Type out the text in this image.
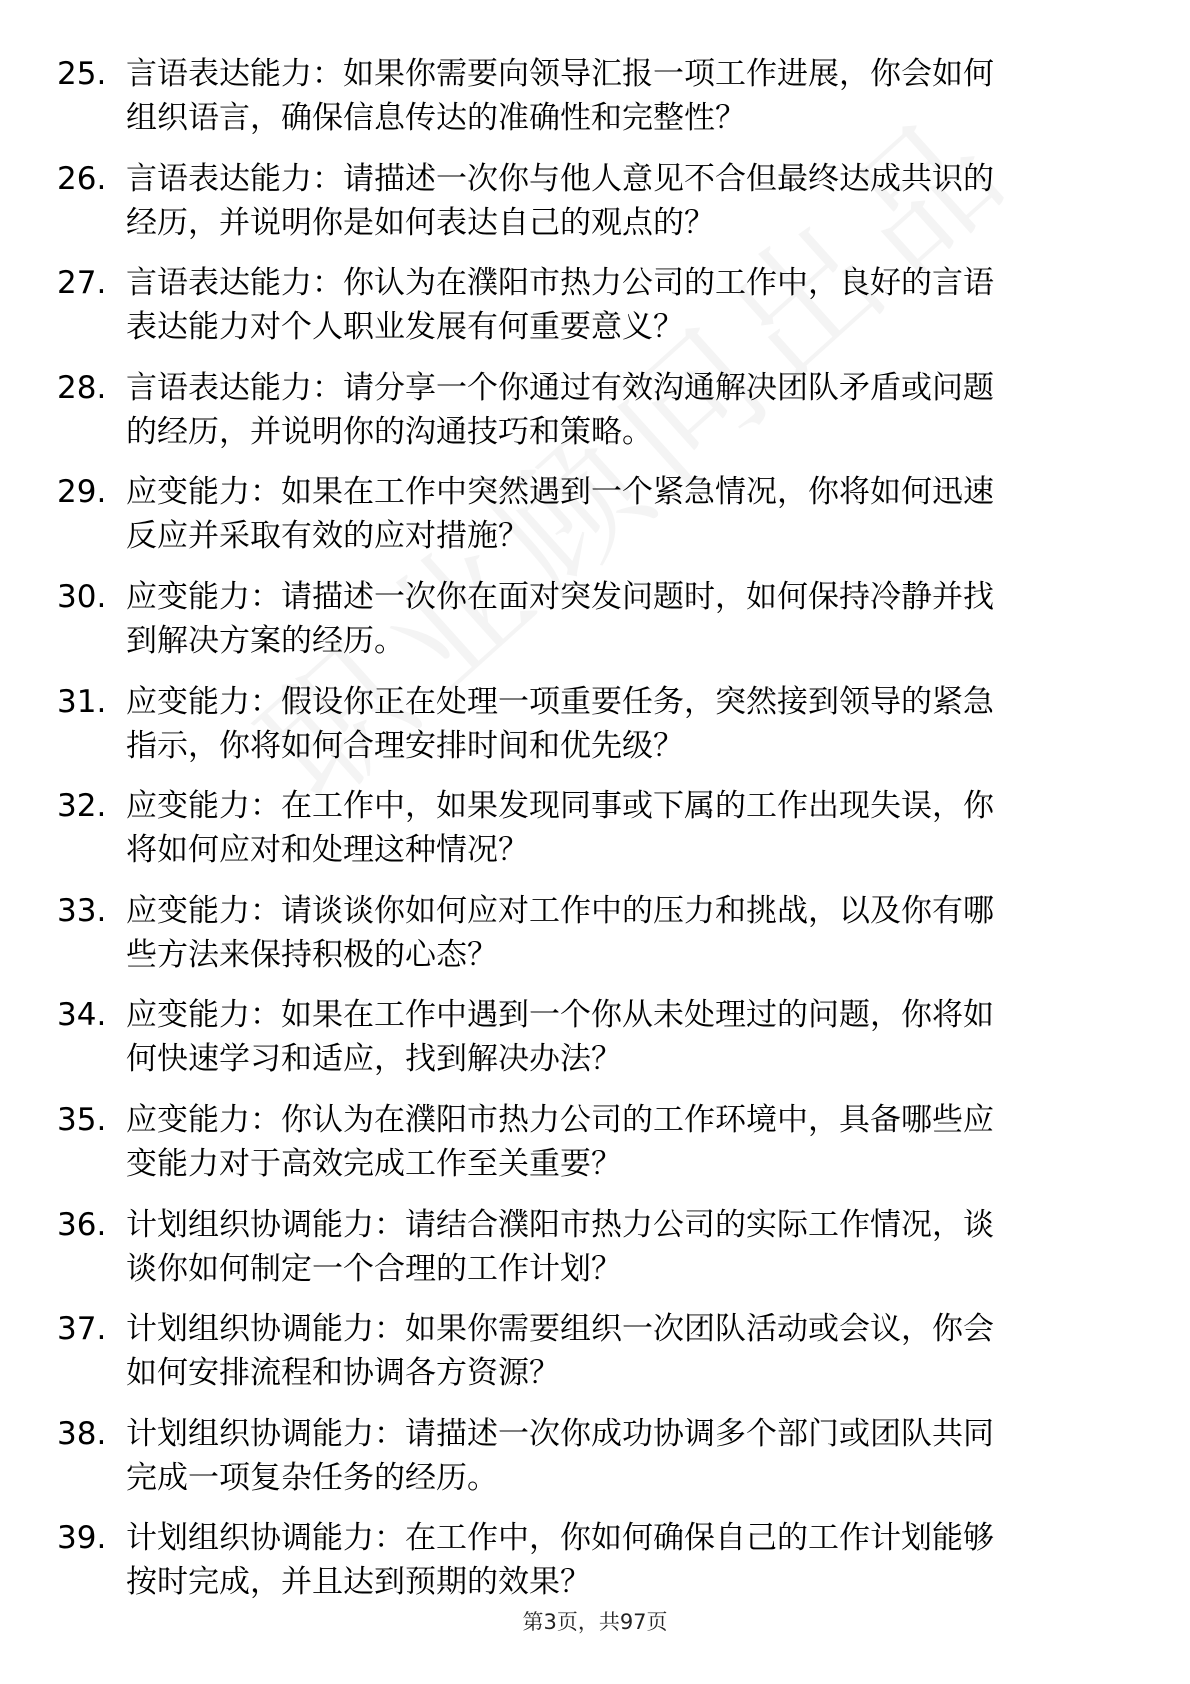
25. 言语表达能力：如果你需要向领导汇报一项工作进展，你会如何
组织语言，确保信息传达的准确性和完整性？
26. 言语表达能力：请描述一次你与他人意见不合但最终达成共识的
经历，并说明你是如何表达自己的观点的？
27. 言语表达能力：你认为在濮阳市热力公司的工作中，良好的言语
表达能力对个人职业发展有何重要意义？
28. 言语表达能力：请分享一个你通过有效沟通解决团队矛盾或问题
的经历，并说明你的沟通技巧和策略。
29. 应变能力：如果在工作中突然遇到一个紧急情况，你将如何迅速
反应并采取有效的应对措施？
30. 应变能力：请描述一次你在面对突发问题时，如何保持冷静并找
到解决方案的经历。
31. 应变能力：假设你正在处理一项重要任务，突然接到领导的紧急
指示，你将如何合理安排时间和优先级？
32. 应变能力：在工作中，如果发现同事或下属的工作出现失误，你
将如何应对和处理这种情况？
33. 应变能力：请谈谈你如何应对工作中的压力和挑战，以及你有哪
些方法来保持积极的心态？
34. 应变能力：如果在工作中遇到一个你从未处理过的问题，你将如
何快速学习和适应，找到解决办法？
35. 应变能力：你认为在濮阳市热力公司的工作环境中，具备哪些应
变能力对于高效完成工作至关重要？
36. 计划组织协调能力：请结合濮阳市热力公司的实际工作情况，谈
谈你如何制定一个合理的工作计划？
37. 计划组织协调能力：如果你需要组织一次团队活动或会议，你会
如何安排流程和协调各方资源？
38. 计划组织协调能力：请描述一次你成功协调多个部门或团队共同
完成一项复杂任务的经历。
39. 计划组织协调能力：在工作中，你如何确保自己的工作计划能够
按时完成，并且达到预期的效果？
第3页，共97页
